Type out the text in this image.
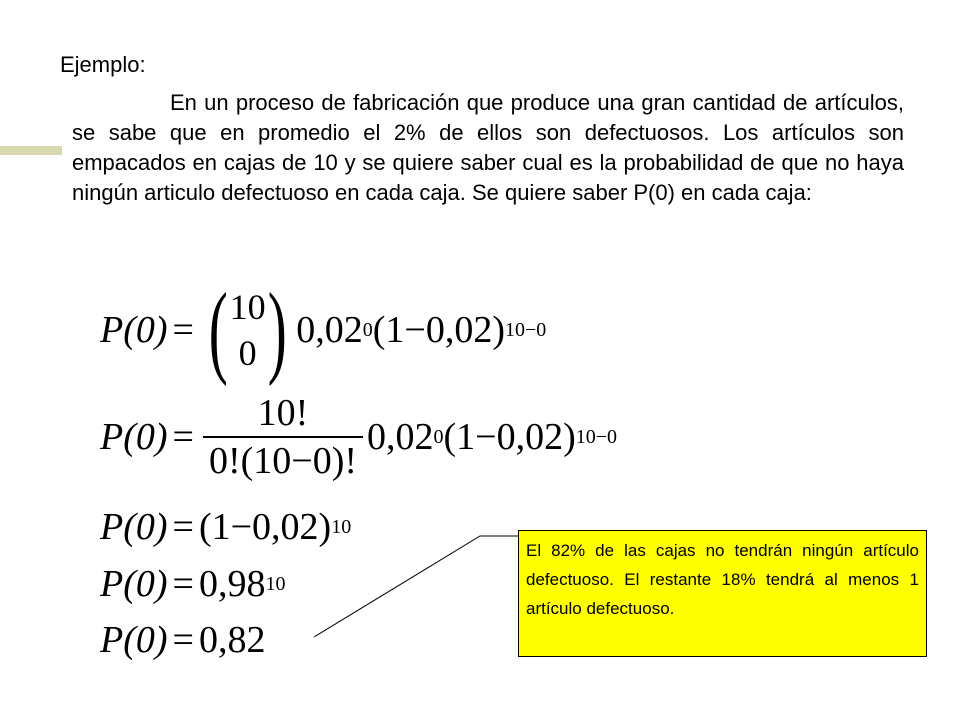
Ejemplo:

En un proceso de fabricación que produce una gran cantidad de artículos, se sabe que en promedio el 2% de ellos son defectuosos. Los artículos son empacados en cajas de 10 y se quiere saber cual es la probabilidad de que no haya ningún articulo defectuoso en cada caja. Se quiere saber P(0) en cada caja:

P(0) = ( 10
0 ) 0,02 0 (1−0,02) 10−0
$P(0) = \frac{10!}{0!(10-0)!} 0,02$ 0 (1−0,02) 10−0
P(0) = (1−0,02) 10
P(0) = 0,98 10
P(0) = 0,82
El 82% de las cajas no tendrán ningún artículo defectuoso. El restante 18% tendrá al menos 1 artículo defectuoso.
